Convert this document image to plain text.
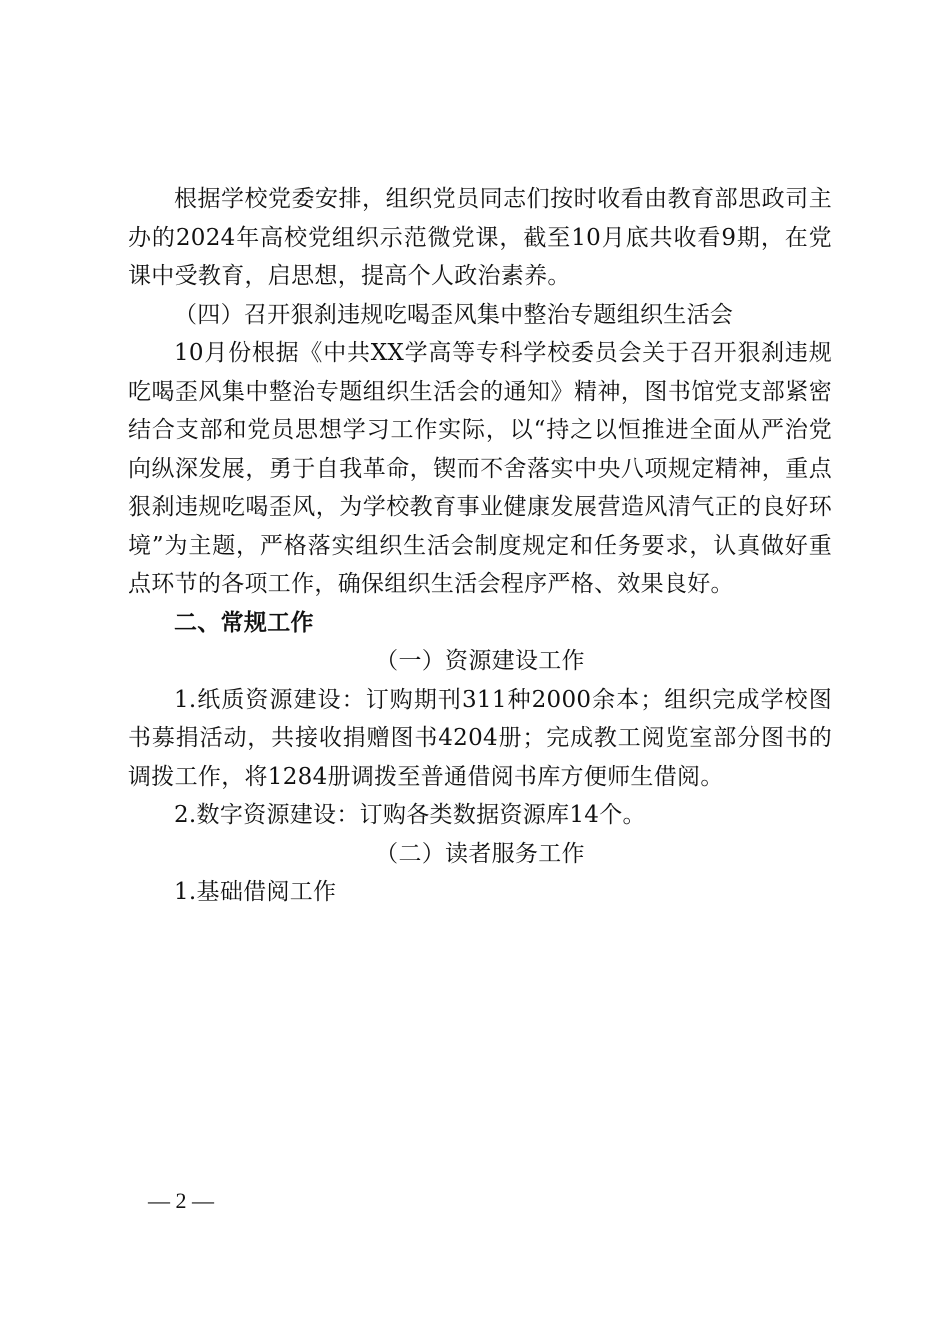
根据学校党委安排，组织党员同志们按时收看由教育部思政司主办的2024年高校党组织示范微党课，截至10月底共收看9期，在党课中受教育，启思想，提高个人政治素养。

（四）召开狠刹违规吃喝歪风集中整治专题组织生活会

10月份根据《中共XX学高等专科学校委员会关于召开狠刹违规吃喝歪风集中整治专题组织生活会的通知》精神，图书馆党支部紧密结合支部和党员思想学习工作实际，以“持之以恒推进全面从严治党向纵深发展，勇于自我革命，锲而不舍落实中央八项规定精神，重点狠刹违规吃喝歪风，为学校教育事业健康发展营造风清气正的良好环境”为主题，严格落实组织生活会制度规定和任务要求，认真做好重点环节的各项工作，确保组织生活会程序严格、效果良好。

二、常规工作

（一）资源建设工作

1.纸质资源建设：订购期刊311种2000余本；组织完成学校图书募捐活动，共接收捐赠图书4204册；完成教工阅览室部分图书的调拨工作，将1284册调拨至普通借阅书库方便师生借阅。

2.数字资源建设：订购各类数据资源库14个。

（二）读者服务工作

1.基础借阅工作

— 2 —
